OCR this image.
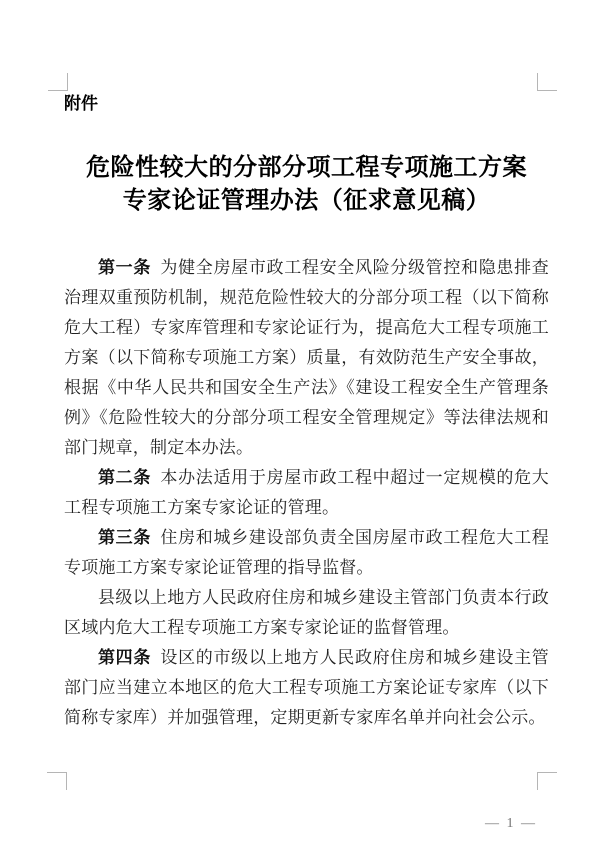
附件
危险性较大的分部分项工程专项施工方案
专家论证管理办法（征求意见稿）

第一条 为健全房屋市政工程安全风险分级管控和隐患排查治理双重预防机制，规范危险性较大的分部分项工程（以下简称危大工程）专家库管理和专家论证行为，提高危大工程专项施工方案（以下简称专项施工方案）质量，有效防范生产安全事故，根据《中华人民共和国安全生产法》《建设工程安全生产管理条例》《危险性较大的分部分项工程安全管理规定》等法律法规和部门规章，制定本办法。

第二条 本办法适用于房屋市政工程中超过一定规模的危大工程专项施工方案专家论证的管理。

第三条 住房和城乡建设部负责全国房屋市政工程危大工程专项施工方案专家论证管理的指导监督。

县级以上地方人民政府住房和城乡建设主管部门负责本行政区域内危大工程专项施工方案专家论证的监督管理。

第四条 设区的市级以上地方人民政府住房和城乡建设主管部门应当建立本地区的危大工程专项施工方案论证专家库（以下简称专家库）并加强管理，定期更新专家库名单并向社会公示。

— 1 —
